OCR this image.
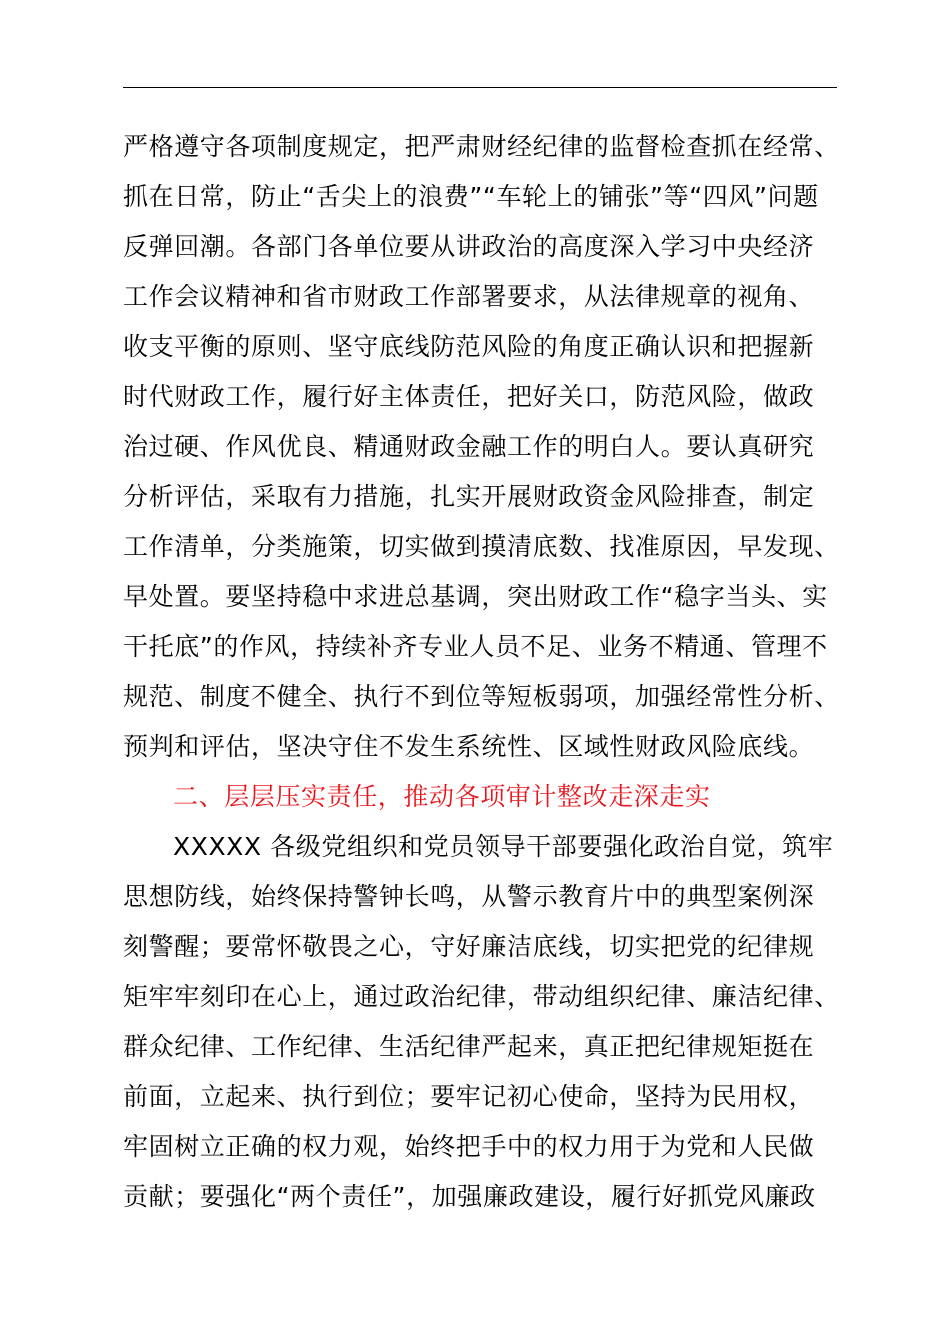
严格遵守各项制度规定，把严肃财经纪律的监督检查抓在经常、
抓在日常，防止“舌尖上的浪费”“车轮上的铺张”等“四风”问题
反弹回潮。各部门各单位要从讲政治的高度深入学习中央经济
工作会议精神和省市财政工作部署要求，从法律规章的视角、
收支平衡的原则、坚守底线防范风险的角度正确认识和把握新
时代财政工作，履行好主体责任，把好关口，防范风险，做政
治过硬、作风优良、精通财政金融工作的明白人。要认真研究
分析评估，采取有力措施，扎实开展财政资金风险排查，制定
工作清单，分类施策，切实做到摸清底数、找准原因，早发现、
早处置。要坚持稳中求进总基调，突出财政工作“稳字当头、实
干托底”的作风，持续补齐专业人员不足、业务不精通、管理不
规范、制度不健全、执行不到位等短板弱项，加强经常性分析、
预判和评估，坚决守住不发生系统性、区域性财政风险底线。
二、层层压实责任，推动各项审计整改走深走实
XXXXX 各级党组织和党员领导干部要强化政治自觉，筑牢
思想防线，始终保持警钟长鸣，从警示教育片中的典型案例深
刻警醒；要常怀敬畏之心，守好廉洁底线，切实把党的纪律规
矩牢牢刻印在心上，通过政治纪律，带动组织纪律、廉洁纪律、
群众纪律、工作纪律、生活纪律严起来，真正把纪律规矩挺在
前面，立起来、执行到位；要牢记初心使命，坚持为民用权，
牢固树立正确的权力观，始终把手中的权力用于为党和人民做
贡献；要强化“两个责任”，加强廉政建设，履行好抓党风廉政
